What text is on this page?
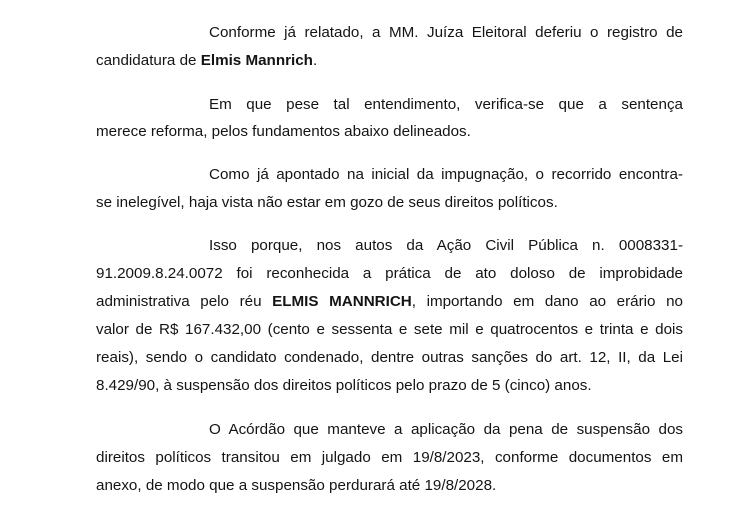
Conforme já relatado, a MM. Juíza Eleitoral deferiu o registro de
candidatura de Elmis Mannrich.
Em que pese tal entendimento, verifica-se que a sentença
merece reforma, pelos fundamentos abaixo delineados.
Como já apontado na inicial da impugnação, o recorrido encontra-
se inelegível, haja vista não estar em gozo de seus direitos políticos.
Isso porque, nos autos da Ação Civil Pública n. 0008331-
91.2009.8.24.0072 foi reconhecida a prática de ato doloso de improbidade
administrativa pelo réu ELMIS MANNRICH, importando em dano ao erário no
valor de R$ 167.432,00 (cento e sessenta e sete mil e quatrocentos e trinta e dois
reais), sendo o candidato condenado, dentre outras sanções do art. 12, II, da Lei
8.429/90, à suspensão dos direitos políticos pelo prazo de 5 (cinco) anos.
O Acórdão que manteve a aplicação da pena de suspensão dos
direitos políticos transitou em julgado em 19/8/2023, conforme documentos em
anexo, de modo que a suspensão perdurará até 19/8/2028.
